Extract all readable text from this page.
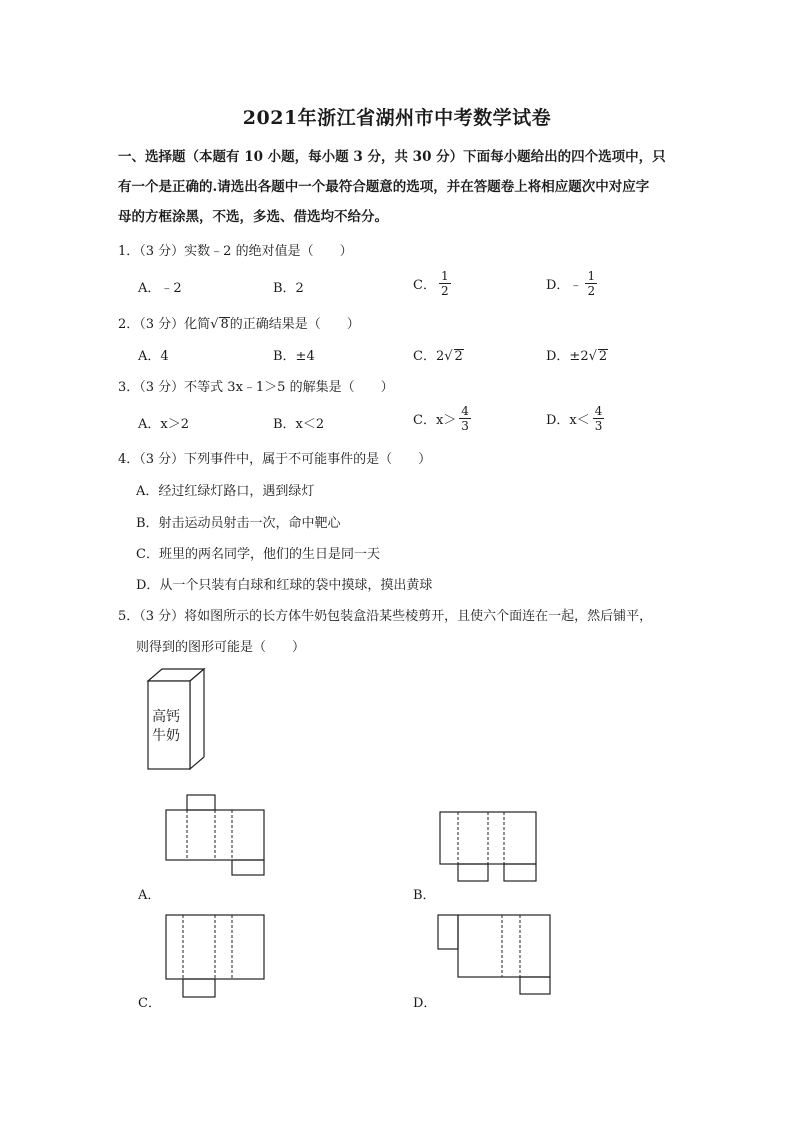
2021年浙江省湖州市中考数学试卷
一、选择题（本题有 10 小题，每小题 3 分，共 30 分）下面每小题给出的四个选项中，只
有一个是正确的.请选出各题中一个最符合题意的选项，并在答题卷上将相应题次中对应字
母的方框涂黑，不选，多选、借选均不给分。
1．（3 分）实数﹣2 的绝对值是（　　）
A．﹣2	B．2	C． $\frac{1}{2}$	D．﹣ $\frac{1}{2}$
2．（3 分）化简√ 8的正确结果是（　　）
A．4	B．±4	C．2√ 2	D．±2√ 2
3．（3 分）不等式 3x﹣1＞5 的解集是（　　）
A．x＞2	B．x＜2	C．$x> \frac{4}{3}$	D．$x< \frac{4}{3}$
4．（3 分）下列事件中，属于不可能事件的是（　　）
A．经过红绿灯路口，遇到绿灯
B．射击运动员射击一次，命中靶心
C．班里的两名同学，他们的生日是同一天
D．从一个只装有白球和红球的袋中摸球，摸出黄球
5．（3 分）将如图所示的长方体牛奶包装盒沿某些棱剪开，且使六个面连在一起，然后铺平，
则得到的图形可能是（　　）
高钙
牛奶
A．	B．
C．	D．
